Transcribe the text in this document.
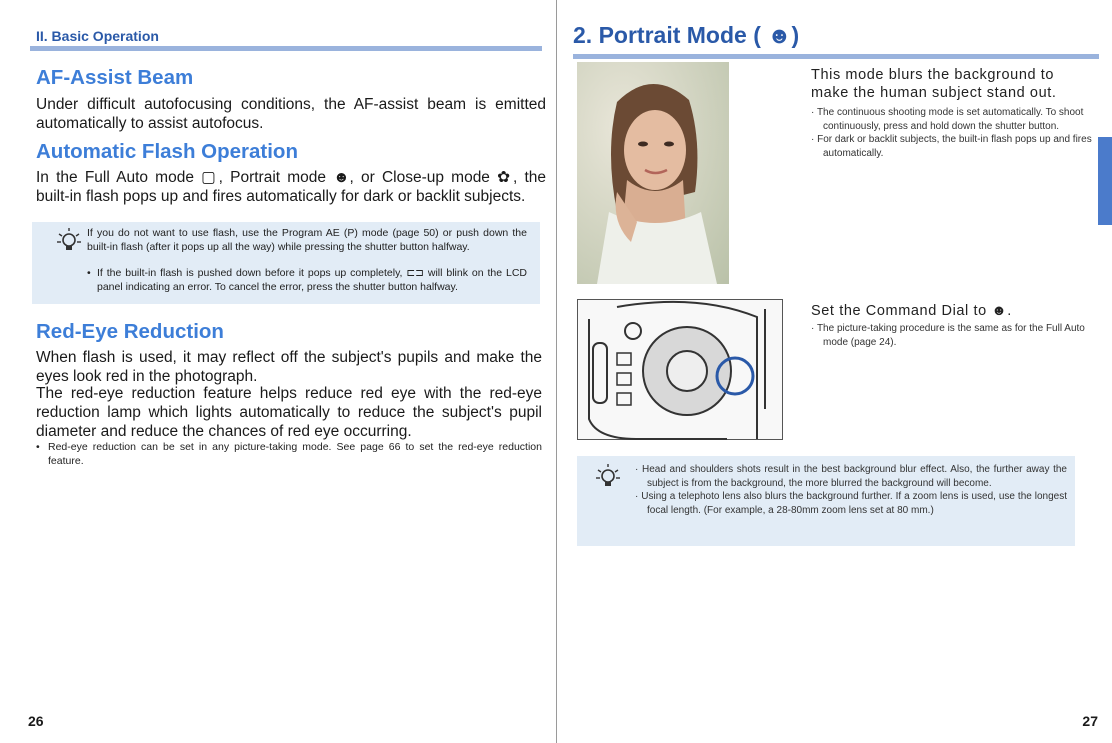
II. Basic Operation
AF-Assist Beam
Under difficult autofocusing conditions, the AF-assist beam is emitted
automatically to assist autofocus.
Automatic Flash Operation
In the Full Auto mode ▢, Portrait mode ☻, or Close-up mode ✿, the
built-in flash pops up and fires automatically for dark or backlit subjects.
If you do not want to use flash, use the Program AE (P) mode (page 50) or push down the built-in flash (after it pops up all the way) while pressing the shutter button halfway.
• If the built-in flash is pushed down before it pops up completely, ⊏⊐ will blink on the LCD panel indicating an error. To cancel the error, press the shutter button halfway.
Red-Eye Reduction
When flash is used, it may reflect off the subject's pupils and make the eyes look red in the photograph.
The red-eye reduction feature helps reduce red eye with the red-eye reduction lamp which lights automatically to reduce the subject's pupil diameter and reduce the chances of red eye occurring.
• Red-eye reduction can be set in any picture-taking mode. See page 66 to set the red-eye reduction feature.
26
2. Portrait Mode ( ☻)
This mode blurs the background to make the human subject stand out.
· The continuous shooting mode is set automatically. To shoot continuously, press and hold down the shutter button.
· For dark or backlit subjects, the built-in flash pops up and fires automatically.
Set the Command Dial to ☻.
· The picture-taking procedure is the same as for the Full Auto mode (page 24).
· Head and shoulders shots result in the best background blur effect. Also, the further away the subject is from the background, the more blurred the background will become.
· Using a telephoto lens also blurs the background further. If a zoom lens is used, use the longest focal length. (For example, a 28-80mm zoom lens set at 80 mm.)
27
